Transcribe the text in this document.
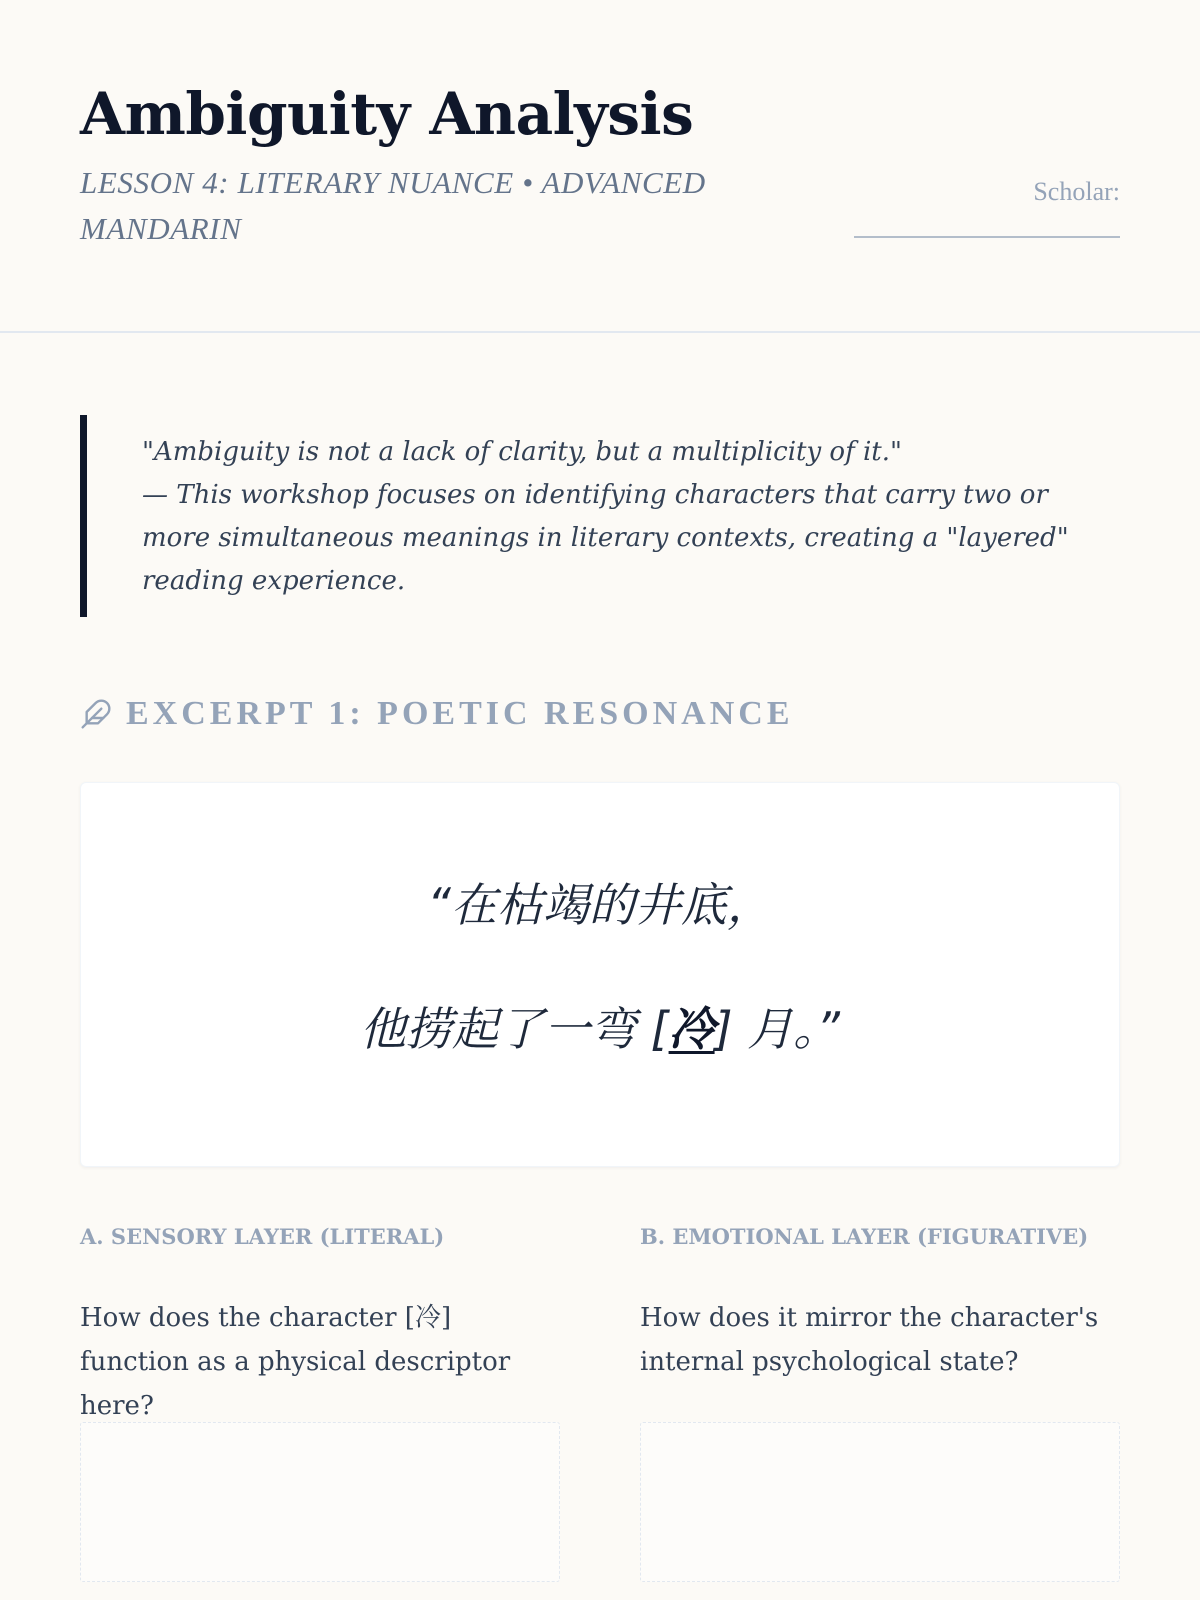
Ambiguity Analysis

LESSON 4: LITERARY NUANCE • ADVANCED MANDARIN

Scholar:

"Ambiguity is not a lack of clarity, but a multiplicity of it."
— This workshop focuses on identifying characters that carry two or more simultaneous meanings in literary contexts, creating a "layered" reading experience.

EXCERPT 1: POETIC RESONANCE

“在枯竭的井底，

他捞起了一弯 [冷] 月。”

A. SENSORY LAYER (LITERAL)

How does the character [冷] function as a physical descriptor here?

B. EMOTIONAL LAYER (FIGURATIVE)

How does it mirror the character's internal psychological state?
